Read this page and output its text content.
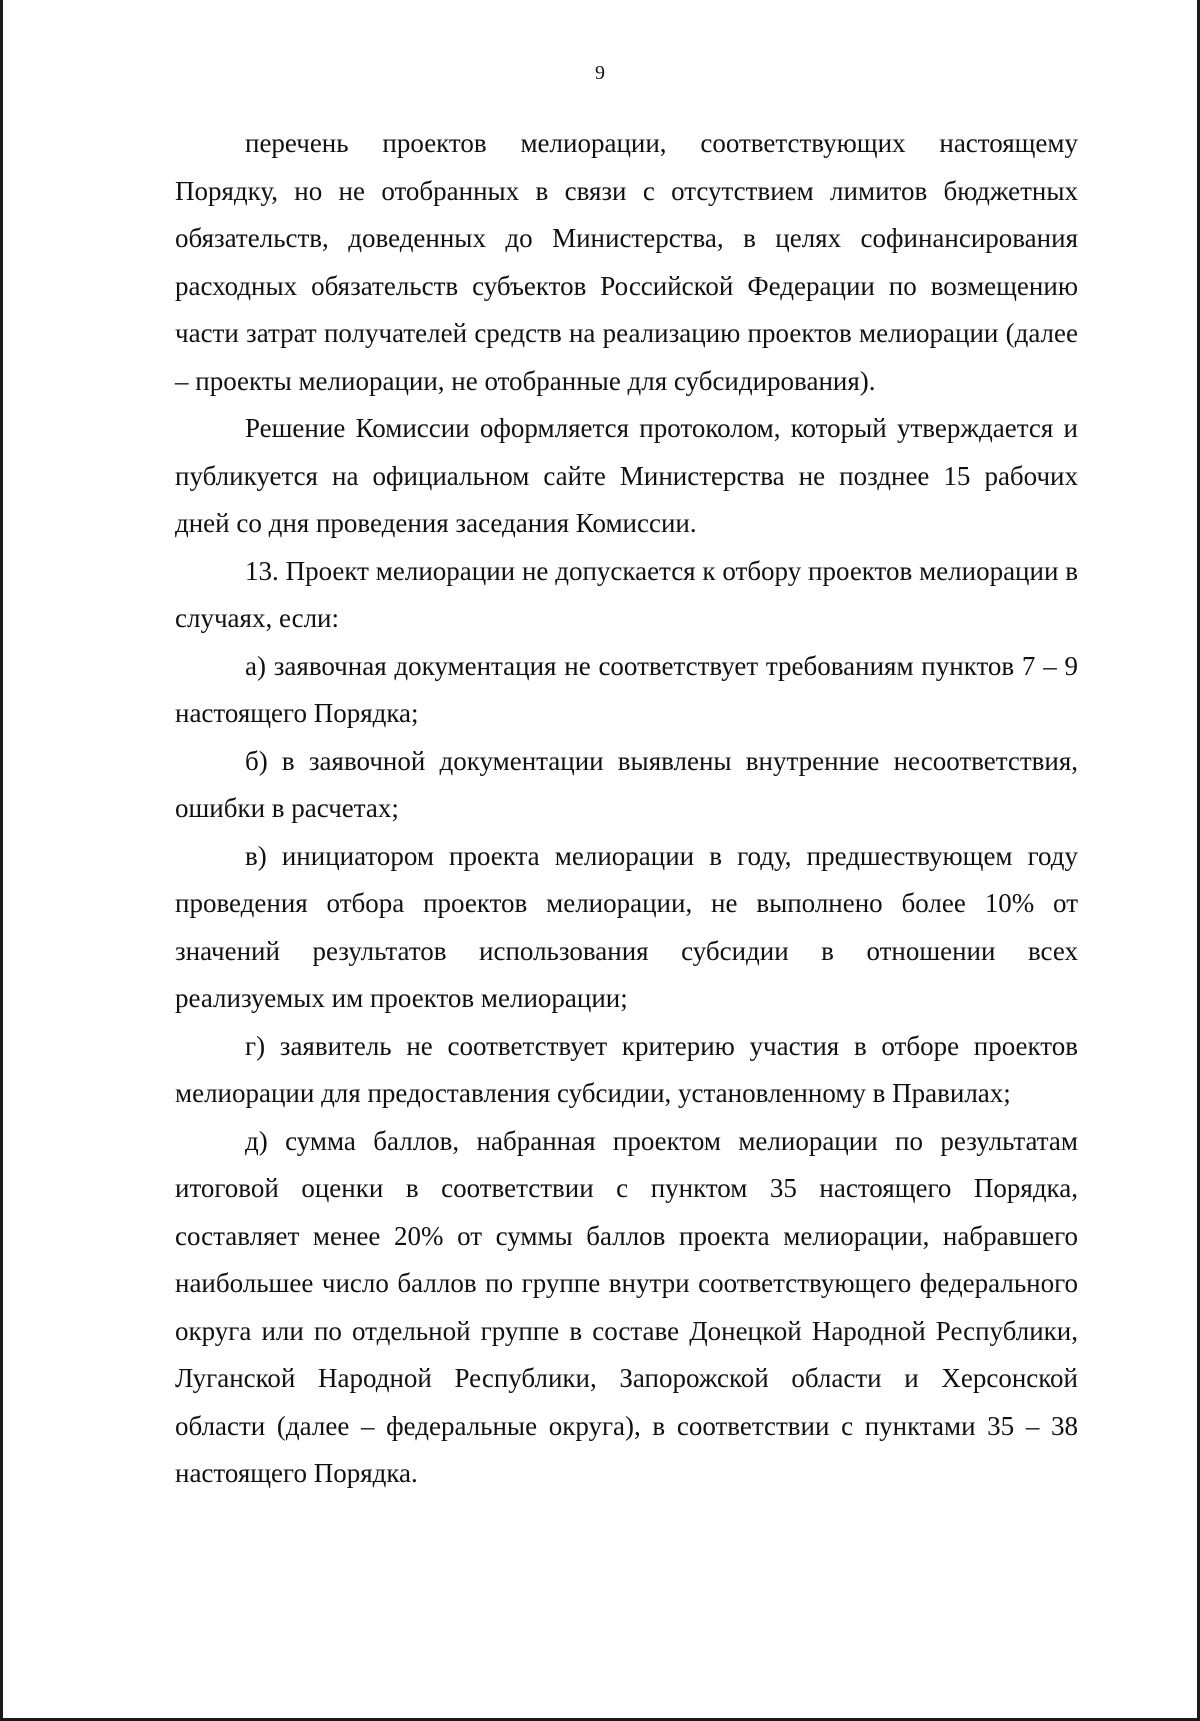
9

перечень проектов мелиорации, соответствующих настоящему Порядку, но не отобранных в связи с отсутствием лимитов бюджетных обязательств, доведенных до Министерства, в целях софинансирования расходных обязательств субъектов Российской Федерации по возмещению части затрат получателей средств на реализацию проектов мелиорации (далее – проекты мелиорации, не отобранные для субсидирования).

Решение Комиссии оформляется протоколом, который утверждается и публикуется на официальном сайте Министерства не позднее 15 рабочих дней со дня проведения заседания Комиссии.

13. Проект мелиорации не допускается к отбору проектов мелиорации в случаях, если:

а) заявочная документация не соответствует требованиям пунктов 7 – 9 настоящего Порядка;

б) в заявочной документации выявлены внутренние несоответствия, ошибки в расчетах;

в) инициатором проекта мелиорации в году, предшествующем году проведения отбора проектов мелиорации, не выполнено более 10% от значений результатов использования субсидии в отношении всех реализуемых им проектов мелиорации;

г) заявитель не соответствует критерию участия в отборе проектов мелиорации для предоставления субсидии, установленному в Правилах;

д) сумма баллов, набранная проектом мелиорации по результатам итоговой оценки в соответствии с пунктом 35 настоящего Порядка, составляет менее 20% от суммы баллов проекта мелиорации, набравшего наибольшее число баллов по группе внутри соответствующего федерального округа или по отдельной группе в составе Донецкой Народной Республики, Луганской Народной Республики, Запорожской области и Херсонской области (далее – федеральные округа), в соответствии с пунктами 35 – 38 настоящего Порядка.
